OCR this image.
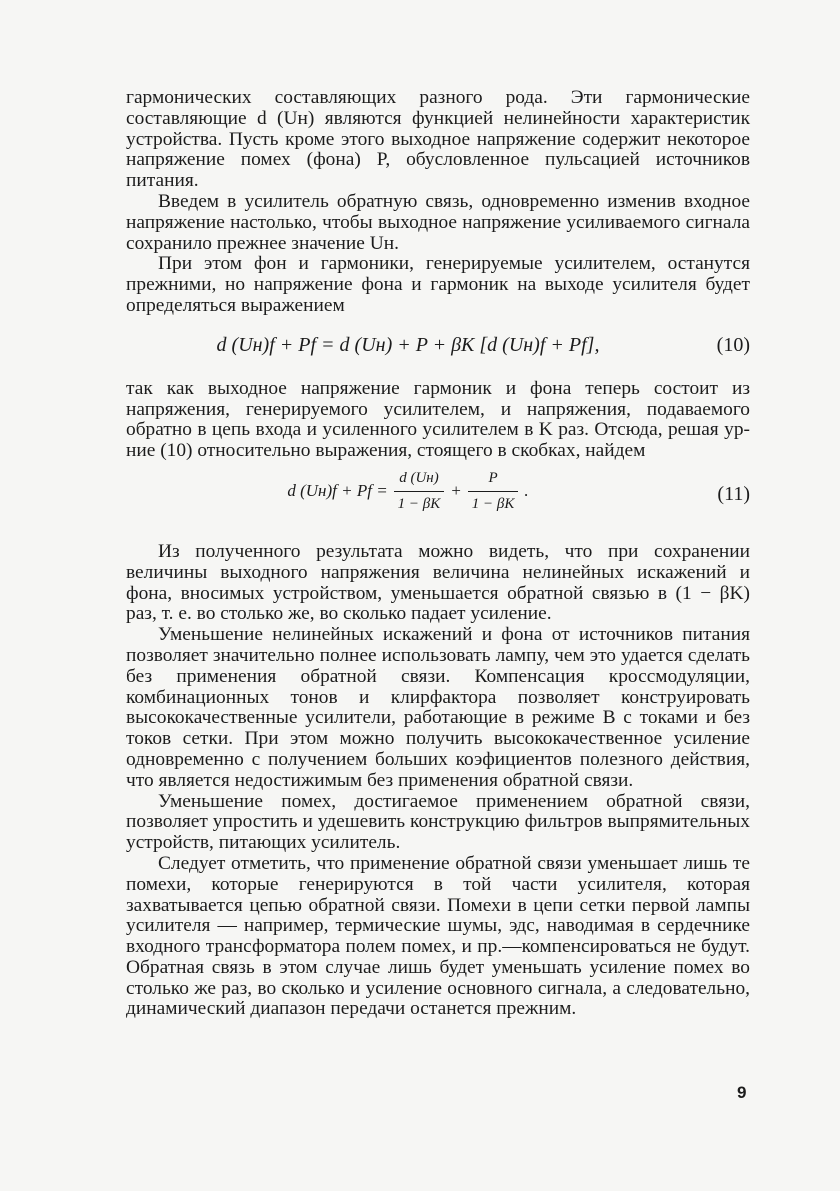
гармонических составляющих разного рода. Эти гармонические составляющие d (Uн) являются функцией нелинейности характеристик устройства. Пусть кроме этого выходное напряжение содержит некоторое напряжение помех (фона) P, обусловленное пульсацией источников питания.

Введем в усилитель обратную связь, одновременно изменив входное напряжение настолько, чтобы выходное напряжение усиливаемого сигнала сохранило прежнее значение Uн.

При этом фон и гармоники, генерируемые усилителем, останутся прежними, но напряжение фона и гармоник на выходе усилителя будет определяться выражением

d (Uн)f + Pf = d (Uн) + P + βK [d (Uн)f + Pf],	(10)

так как выходное напряжение гармоник и фона теперь состоит из напряжения, генерируемого усилителем, и напряжения, подаваемого обратно в цепь входа и усиленного усилителем в K раз. Отсюда, решая ур-ние (10) относительно выражения, стоящего в скобках, найдем

d $(Uн)f + Pf = \frac{d (Uн)}{1 - \beta K} + \frac{P}{1 - \beta K}$ .	(11)

Из полученного результата можно видеть, что при сохранении величины выходного напряжения величина нелинейных искажений и фона, вносимых устройством, уменьшается обратной связью в (1 − βK) раз, т. е. во столько же, во сколько падает усиление.

Уменьшение нелинейных искажений и фона от источников питания позволяет значительно полнее использовать лампу, чем это удается сделать без применения обратной связи. Компенсация кроссмодуляции, комбинационных тонов и клирфактора позволяет конструировать высококачественные усилители, работающие в режиме B с токами и без токов сетки. При этом можно получить высококачественное усиление одновременно с получением больших коэфициентов полезного действия, что является недостижимым без применения обратной связи.

Уменьшение помех, достигаемое применением обратной связи, позволяет упростить и удешевить конструкцию фильтров выпрямительных устройств, питающих усилитель.

Следует отметить, что применение обратной связи уменьшает лишь те помехи, которые генерируются в той части усилителя, которая захватывается цепью обратной связи. Помехи в цепи сетки первой лампы усилителя — например, термические шумы, эдс, наводимая в сердечнике входного трансформатора полем помех, и пр.—компенсироваться не будут. Обратная связь в этом случае лишь будет уменьшать усиление помех во столько же раз, во сколько и усиление основного сигнала, а следовательно, динамический диапазон передачи останется прежним.

9
